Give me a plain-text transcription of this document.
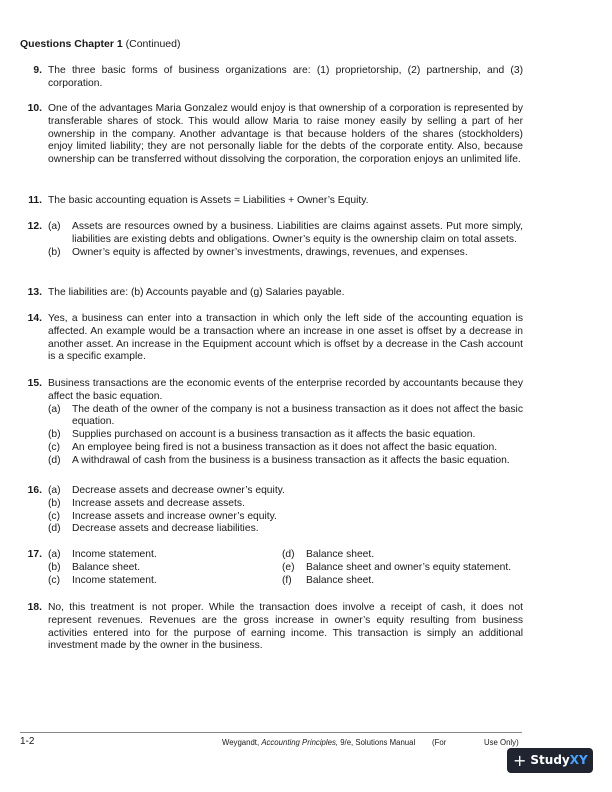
Questions Chapter 1 (Continued)
9. The three basic forms of business organizations are: (1) proprietorship, (2) partnership, and (3) corporation.

10. One of the advantages Maria Gonzalez would enjoy is that ownership of a corporation is represented by transferable shares of stock. This would allow Maria to raise money easily by selling a part of her ownership in the company. Another advantage is that because holders of the shares (stockholders) enjoy limited liability; they are not personally liable for the debts of the corporate entity. Also, because ownership can be transferred without dissolving the corporation, the corporation enjoys an unlimited life.

11. The basic accounting equation is Assets = Liabilities + Owner’s Equity.

12. (a) Assets are resources owned by a business. Liabilities are claims against assets. Put more simply, liabilities are existing debts and obligations. Owner’s equity is the ownership claim on total assets.
(b) Owner’s equity is affected by owner’s investments, drawings, revenues, and expenses.
13. The liabilities are: (b) Accounts payable and (g) Salaries payable.

14. Yes, a business can enter into a transaction in which only the left side of the accounting equation is affected. An example would be a transaction where an increase in one asset is offset by a decrease in another asset. An increase in the Equipment account which is offset by a decrease in the Cash account is a specific example.

15. Business transactions are the economic events of the enterprise recorded by accountants because they affect the basic equation.

(a) The death of the owner of the company is not a business transaction as it does not affect the basic equation.
(b) Supplies purchased on account is a business transaction as it affects the basic equation.
(c) An employee being fired is not a business transaction as it does not affect the basic equation.
(d) A withdrawal of cash from the business is a business transaction as it affects the basic equation.
16. (a) Decrease assets and decrease owner’s equity.
(b) Increase assets and decrease assets.
(c) Increase assets and increase owner’s equity.
(d) Decrease assets and decrease liabilities.
17. (a) Income statement.
(b) Balance sheet.
(c) Income statement.
(d) Balance sheet.
(e) Balance sheet and owner’s equity statement.
(f) Balance sheet.
18. No, this treatment is not proper. While the transaction does involve a receipt of cash, it does not represent revenues. Revenues are the gross increase in owner’s equity resulting from business activities entered into for the purpose of earning income. This transaction is simply an additional investment made by the owner in the business.

1-2	Weygandt, Accounting Principles, 9/e, Solutions Manual (For	Use Only)
+ Study XY
